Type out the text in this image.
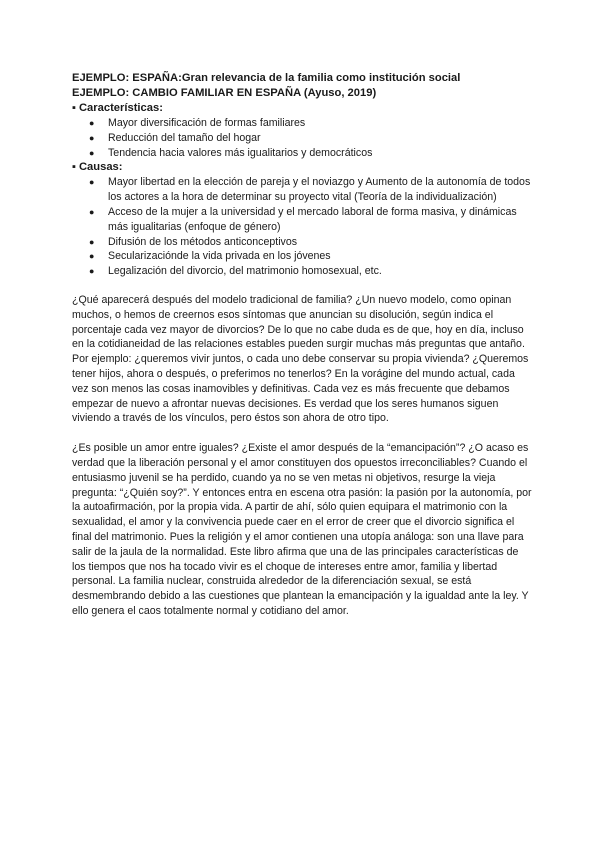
EJEMPLO: ESPAÑA:Gran relevancia de la familia como institución social

EJEMPLO: CAMBIO FAMILIAR EN ESPAÑA (Ayuso, 2019)

▪ Características:

● Mayor diversificación de formas familiares
● Reducción del tamaño del hogar
● Tendencia hacia valores más igualitarios y democráticos

▪ Causas:

● Mayor libertad en la elección de pareja y el noviazgo y Aumento de la autonomía de todos los actores a la hora de determinar su proyecto vital (Teoría de la individualización)
● Acceso de la mujer a la universidad y el mercado laboral de forma masiva, y dinámicas más igualitarias (enfoque de género)
● Difusión de los métodos anticonceptivos
● Secularizaciónde la vida privada en los jóvenes
● Legalización del divorcio, del matrimonio homosexual, etc.

¿Qué aparecerá después del modelo tradicional de familia? ¿Un nuevo modelo, como opinan muchos, o hemos de creernos esos síntomas que anuncian su disolución, según indica el porcentaje cada vez mayor de divorcios? De lo que no cabe duda es de que, hoy en día, incluso en la cotidianeidad de las relaciones estables pueden surgir muchas más preguntas que antaño. Por ejemplo: ¿queremos vivir juntos, o cada uno debe conservar su propia vivienda? ¿Queremos tener hijos, ahora o después, o preferimos no tenerlos? En la vorágine del mundo actual, cada vez son menos las cosas inamovibles y definitivas. Cada vez es más frecuente que debamos empezar de nuevo a afrontar nuevas decisiones. Es verdad que los seres humanos siguen viviendo a través de los vínculos, pero éstos son ahora de otro tipo.

¿Es posible un amor entre iguales? ¿Existe el amor después de la “emancipación”? ¿O acaso es verdad que la liberación personal y el amor constituyen dos opuestos irreconciliables? Cuando el entusiasmo juvenil se ha perdido, cuando ya no se ven metas ni objetivos, resurge la vieja pregunta: “¿Quién soy?”. Y entonces entra en escena otra pasión: la pasión por la autonomía, por la autoafirmación, por la propia vida. A partir de ahí, sólo quien equipara el matrimonio con la sexualidad, el amor y la convivencia puede caer en el error de creer que el divorcio significa el final del matrimonio. Pues la religión y el amor contienen una utopía análoga: son una llave para salir de la jaula de la normalidad. Este libro afirma que una de las principales características de los tiempos que nos ha tocado vivir es el choque de intereses entre amor, familia y libertad personal. La familia nuclear, construida alrededor de la diferenciación sexual, se está desmembrando debido a las cuestiones que plantean la emancipación y la igualdad ante la ley. Y ello genera el caos totalmente normal y cotidiano del amor.
